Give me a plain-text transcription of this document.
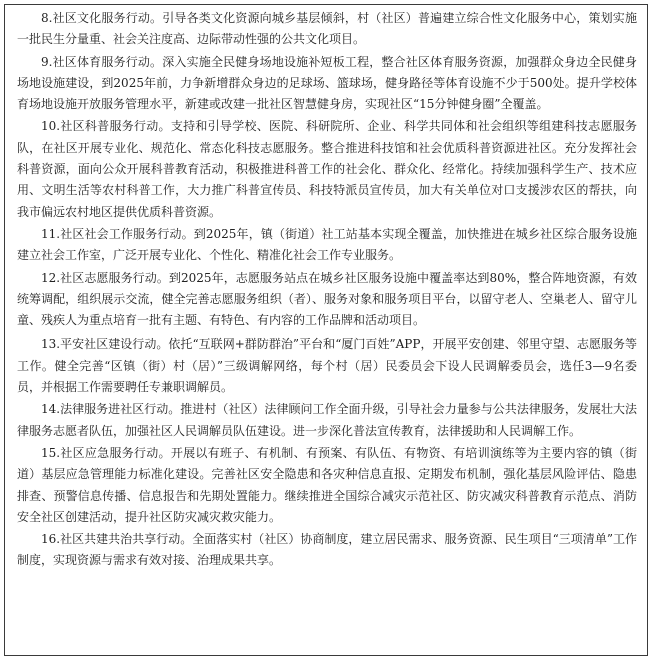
8.社区文化服务行动。引导各类文化资源向城乡基层倾斜，村（社区）普遍建立综合性文化服务中心，策划实施一批民生分量重、社会关注度高、边际带动性强的公共文化项目。

9.社区体育服务行动。深入实施全民健身场地设施补短板工程，整合社区体育服务资源，加强群众身边全民健身场地设施建设，到2025年前，力争新增群众身边的足球场、篮球场，健身路径等体育设施不少于500处。提升学校体育场地设施开放服务管理水平，新建或改建一批社区智慧健身房，实现社区“15分钟健身圈”全覆盖。

10.社区科普服务行动。支持和引导学校、医院、科研院所、企业、科学共同体和社会组织等组建科技志愿服务队，在社区开展专业化、规范化、常态化科技志愿服务。整合推进科技馆和社会优质科普资源进社区。充分发挥社会科普资源，面向公众开展科普教育活动，积极推进科普工作的社会化、群众化、经常化。持续加强科学生产、技术应用、文明生活等农村科普工作，大力推广科普宣传员、科技特派员宣传员，加大有关单位对口支援涉农区的帮扶，向我市偏远农村地区提供优质科普资源。

11.社区社会工作服务行动。到2025年，镇（街道）社工站基本实现全覆盖，加快推进在城乡社区综合服务设施建立社会工作室，广泛开展专业化、个性化、精准化社会工作专业服务。

12.社区志愿服务行动。到2025年，志愿服务站点在城乡社区服务设施中覆盖率达到80%，整合阵地资源，有效统筹调配，组织展示交流，健全完善志愿服务组织（者）、服务对象和服务项目平台，以留守老人、空巢老人、留守儿童、残疾人为重点培育一批有主题、有特色、有内容的工作品牌和活动项目。

13.平安社区建设行动。依托“互联网+群防群治”平台和“厦门百姓”APP，开展平安创建、邻里守望、志愿服务等工作。健全完善“区镇（街）村（居）”三级调解网络，每个村（居）民委员会下设人民调解委员会，选任3—9名委员，并根据工作需要聘任专兼职调解员。

14.法律服务进社区行动。推进村（社区）法律顾问工作全面升级，引导社会力量参与公共法律服务，发展壮大法律服务志愿者队伍，加强社区人民调解员队伍建设。进一步深化普法宣传教育，法律援助和人民调解工作。

15.社区应急服务行动。开展以有班子、有机制、有预案、有队伍、有物资、有培训演练等为主要内容的镇（街道）基层应急管理能力标准化建设。完善社区安全隐患和各灾种信息直报、定期发布机制，强化基层风险评估、隐患排查、预警信息传播、信息报告和先期处置能力。继续推进全国综合减灾示范社区、防灾减灾科普教育示范点、消防安全社区创建活动，提升社区防灾减灾救灾能力。

16.社区共建共治共享行动。全面落实村（社区）协商制度，建立居民需求、服务资源、民生项目“三项清单”工作制度，实现资源与需求有效对接、治理成果共享。
